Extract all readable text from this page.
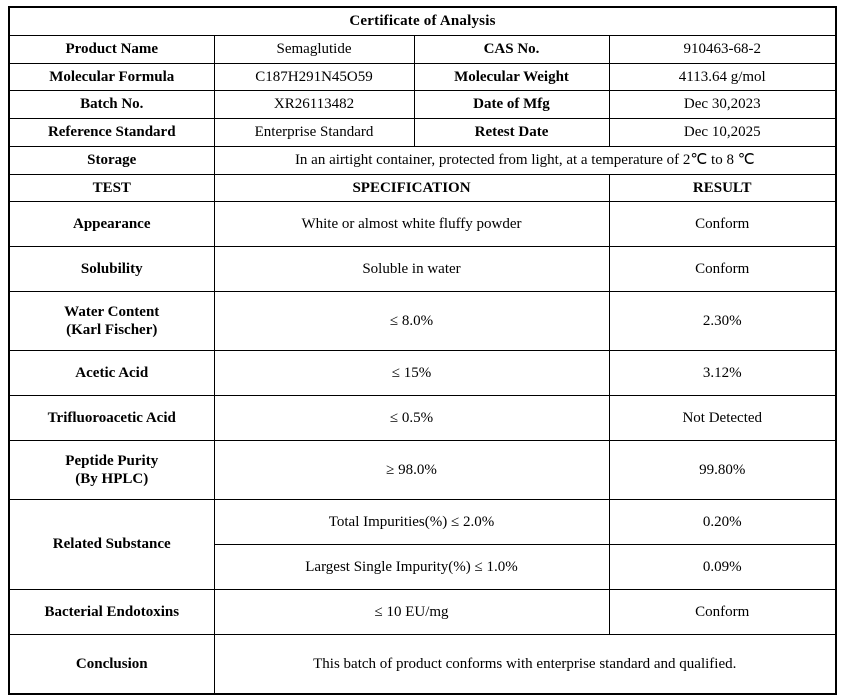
Certificate of Analysis			
Product Name	Semaglutide	CAS No.	910463-68-2
Molecular Formula	C187H291N45O59	Molecular Weight	4113.64 g/mol
Batch No.	XR26113482	Date of Mfg	Dec 30,2023
Reference Standard	Enterprise Standard	Retest Date	Dec 10,2025
Storage	In an airtight container, protected from light, at a temperature of 2℃ to 8 ℃		
TEST	SPECIFICATION		RESULT
Appearance	White or almost white fluffy powder		Conform
Solubility	Soluble in water		Conform

Water Content
(Karl Fischer)	≤ 8.0%		2.30%
Acetic Acid	≤ 15%		3.12%
Trifluoroacetic Acid	≤ 0.5%		Not Detected

Peptide Purity
(By HPLC)	≥ 98.0%		99.80%

Related Substance	Total Impurities(%) ≤ 2.0%		0.20%
	Largest Single Impurity(%) ≤ 1.0%		0.09%
Bacterial Endotoxins	≤ 10 EU/mg		Conform
Conclusion	This batch of product conforms with enterprise standard and qualified.		
